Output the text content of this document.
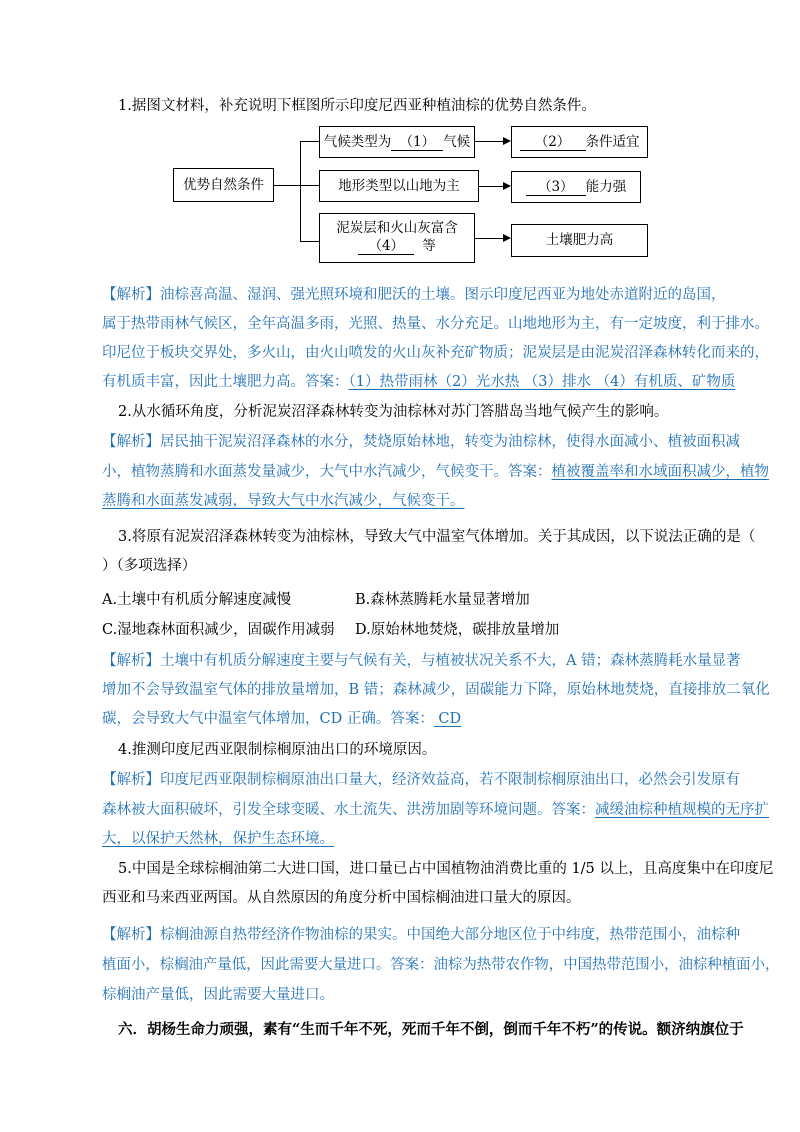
1.据图文材料，补充说明下框图所示印度尼西亚种植油棕的优势自然条件。
优势自然条件
气候类型为 （1） 气候
地形类型以山地为主
泥炭层和火山灰富含
（4） 等
（2） 条件适宜
（3） 能力强
土壤肥力高
【解析】油棕喜高温、湿润、强光照环境和肥沃的土壤。图示印度尼西亚为地处赤道附近的岛国，
属于热带雨林气候区，全年高温多雨，光照、热量、水分充足。山地地形为主，有一定坡度，利于排水。
印尼位于板块交界处，多火山，由火山喷发的火山灰补充矿物质；泥炭层是由泥炭沼泽森林转化而来的，
有机质丰富，因此土壤肥力高。答案：（1）热带雨林（2）光水热 （3）排水 （4）有机质、矿物质
2.从水循环角度，分析泥炭沼泽森林转变为油棕林对苏门答腊岛当地气候产生的影响。
【解析】居民抽干泥炭沼泽森林的水分，焚烧原始林地，转变为油棕林，使得水面减小、植被面积减
小，植物蒸腾和水面蒸发量减少，大气中水汽减少，气候变干。答案：植被覆盖率和水域面积减少，植物
蒸腾和水面蒸发减弱，导致大气中水汽减少，气候变干。
3.将原有泥炭沼泽森林转变为油棕林，导致大气中温室气体增加。关于其成因，以下说法正确的是（
）（多项选择）
A.土壤中有机质分解速度减慢	B.森林蒸腾耗水量显著增加
C.湿地森林面积减少，固碳作用减弱 D.原始林地焚烧，碳排放量增加
【解析】土壤中有机质分解速度主要与气候有关，与植被状况关系不大，A 错；森林蒸腾耗水量显著
增加不会导致温室气体的排放量增加，B 错；森林减少，固碳能力下降，原始林地焚烧，直接排放二氧化
碳，会导致大气中温室气体增加，CD 正确。答案： CD
4.推测印度尼西亚限制棕榈原油出口的环境原因。
【解析】印度尼西亚限制棕榈原油出口量大，经济效益高，若不限制棕榈原油出口，必然会引发原有
森林被大面积破坏，引发全球变暖、水土流失、洪涝加剧等环境问题。答案：减缓油棕种植规模的无序扩
大，以保护天然林，保护生态环境。
5.中国是全球棕榈油第二大进口国，进口量已占中国植物油消费比重的 1/5 以上，且高度集中在印度尼
西亚和马来西亚两国。从自然原因的角度分析中国棕榈油进口量大的原因。
【解析】棕榈油源自热带经济作物油棕的果实。中国绝大部分地区位于中纬度，热带范围小，油棕种
植面小，棕榈油产量低，因此需要大量进口。答案：油棕为热带农作物，中国热带范围小，油棕种植面小，
棕榈油产量低，因此需要大量进口。
六．胡杨生命力顽强，素有“生而千年不死，死而千年不倒，倒而千年不朽”的传说。额济纳旗位于
